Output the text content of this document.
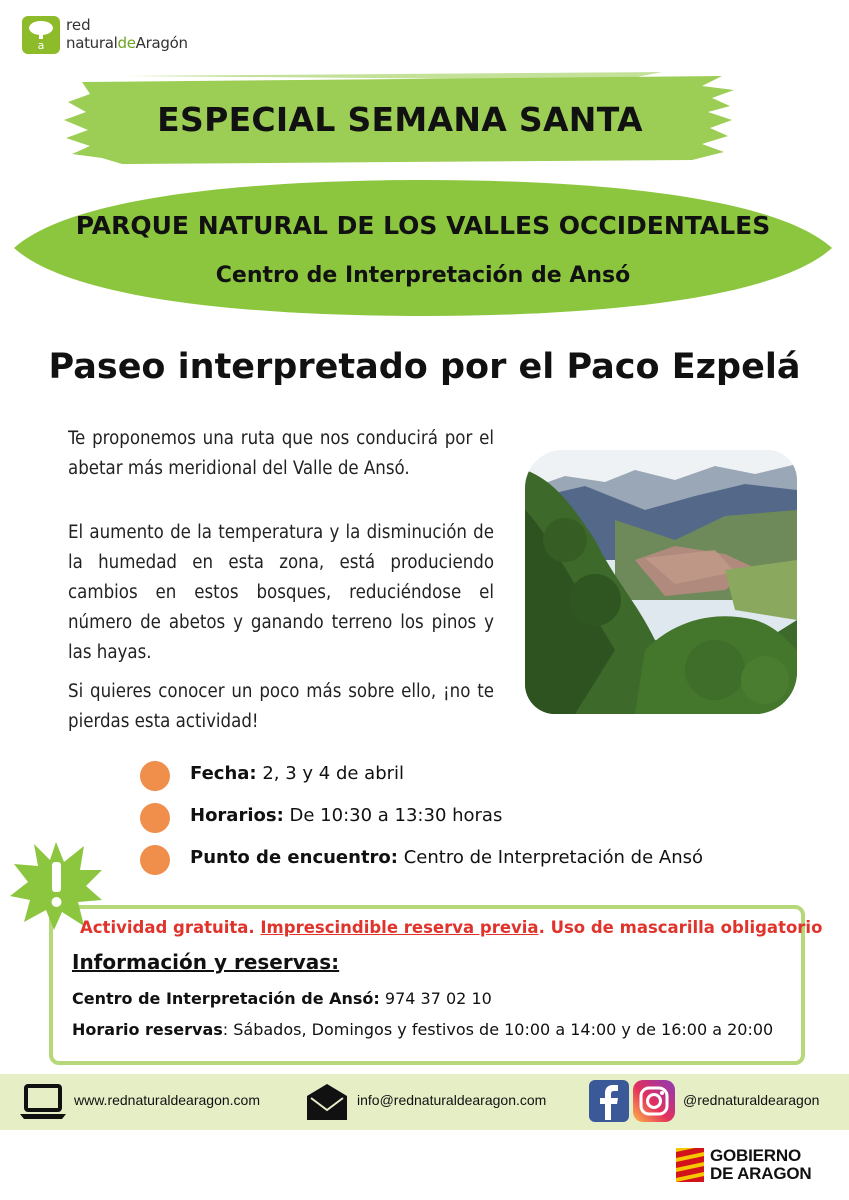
a
red
naturaldeAragón
ESPECIAL SEMANA SANTA
PARQUE NATURAL DE LOS VALLES OCCIDENTALES
Centro de Interpretación de Ansó
Paseo interpretado por el Paco Ezpelá
Te proponemos una ruta que nos conducirá por el abetar más meridional del Valle de Ansó.
El aumento de la temperatura y la disminución de la humedad en esta zona, está produciendo cambios en estos bosques, reduciéndose el número de abetos y ganando terreno los pinos y las hayas.
Si quieres conocer un poco más sobre ello, ¡no te pierdas esta actividad!
Fecha: 2, 3 y 4 de abril
Horarios: De 10:30 a 13:30 horas
Punto de encuentro: Centro de Interpretación de Ansó
Actividad gratuita. Imprescindible reserva previa. Uso de mascarilla obligatorio
Información y reservas:
Centro de Interpretación de Ansó: 974 37 02 10
Horario reservas: Sábados, Domingos y festivos de 10:00 a 14:00 y de 16:00 a 20:00
www.rednaturaldearagon.com	info@rednaturaldearagon.com	@rednaturaldearagon
GOBIERNO
DE ARAGON
